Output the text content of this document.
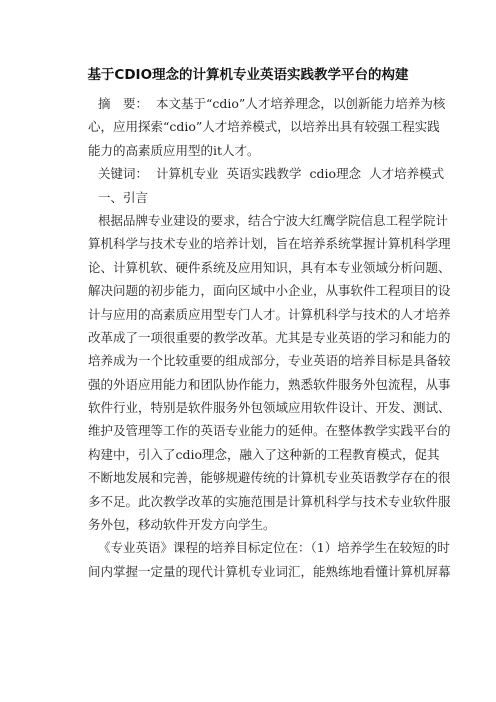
基于CDIO理念的计算机专业英语实践教学平台的构建
摘　要： 本文基于“cdio”人才培养理念，以创新能力培养为核
心，应用探索“cdio”人才培养模式，以培养出具有较强工程实践
能力的高素质应用型的it人才。
关键词： 计算机专业 英语实践教学 cdio理念 人才培养模式
一、引言
根据品牌专业建设的要求，结合宁波大红鹰学院信息工程学院计
算机科学与技术专业的培养计划，旨在培养系统掌握计算机科学理
论、计算机软、硬件系统及应用知识，具有本专业领域分析问题、
解决问题的初步能力，面向区域中小企业，从事软件工程项目的设
计与应用的高素质应用型专门人才。计算机科学与技术的人才培养
改革成了一项很重要的教学改革。尤其是专业英语的学习和能力的
培养成为一个比较重要的组成部分，专业英语的培养目标是具备较
强的外语应用能力和团队协作能力，熟悉软件服务外包流程，从事
软件行业，特别是软件服务外包领域应用软件设计、开发、测试、
维护及管理等工作的英语专业能力的延伸。在整体教学实践平台的
构建中，引入了cdio理念，融入了这种新的工程教育模式，促其
不断地发展和完善，能够规避传统的计算机专业英语教学存在的很
多不足。此次教学改革的实施范围是计算机科学与技术专业软件服
务外包，移动软件开发方向学生。
《专业英语》课程的培养目标定位在：（1）培养学生在较短的时
间内掌握一定量的现代计算机专业词汇，能熟练地看懂计算机屏幕
